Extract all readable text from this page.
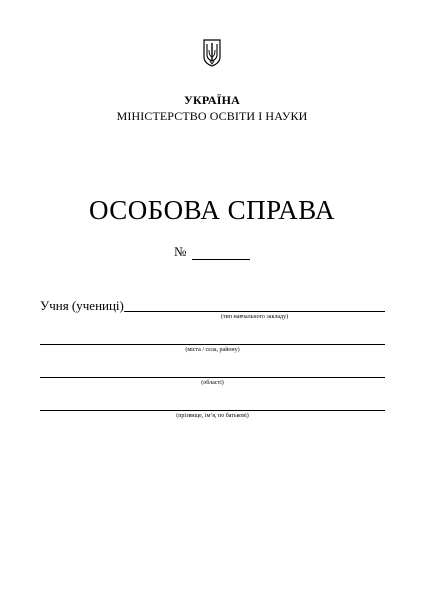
УКРАЇНА
МІНІСТЕРСТВО ОСВІТИ І НАУКИ
ОСОБОВА СПРАВА
№
Учня (учениці)
(тип навчального закладу)
(міста / села, району)
(області)
(прізвище, ім’я, по батькові)
